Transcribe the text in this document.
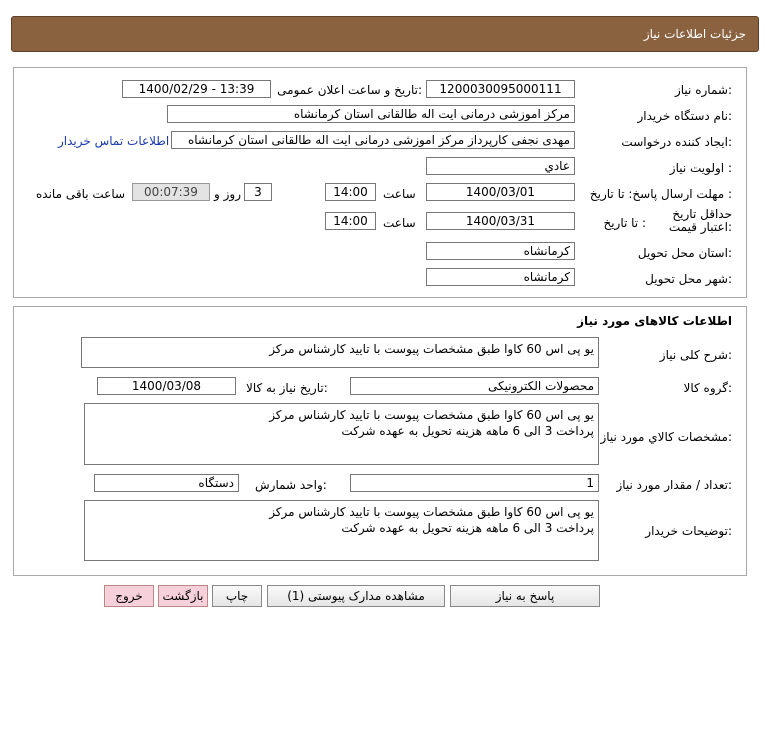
جزئیات اطلاعات نیاز
شماره نیاز:
1200030095000111
تاریخ و ساعت اعلان عمومی:
1400/02/29 - 13:39
نام دستگاه خریدار:
مرکز اموزشی درمانی ایت اله طالقانی استان کرمانشاه
ایجاد کننده درخواست:
مهدی نجفی کارپرداز مرکز اموزشی درمانی ایت اله طالقانی استان کرمانشاه
اطلاعات تماس خریدار
اولویت نیاز :
عادي
مهلت ارسال پاسخ: تا تاریخ :
1400/03/01
ساعت
14:00
3
روز و
00:07:39
ساعت باقی مانده
حداقل تاریخ اعتبار قیمت:
تا تاریخ :
1400/03/31
ساعت
14:00
استان محل تحویل:
کرمانشاه
شهر محل تحویل:
کرمانشاه
اطلاعات کالاهای مورد نیاز
شرح کلی نیاز:
یو پی اس 60 کاوا طبق مشخصات پیوست با تایید کارشناس مرکز
گروه کالا:
محصولات الکترونیکی
تاریخ نیاز به کالا:
1400/03/08
مشخصات کالاي مورد نياز:
یو پی اس 60 کاوا طبق مشخصات پیوست با تایید کارشناس مرکز
پرداخت 3 الی 6 ماهه هزینه تحویل به عهده شرکت
تعداد / مقدار مورد نیاز:
1
واحد شمارش:
دستگاه
توضیحات خریدار:
یو پی اس 60 کاوا طبق مشخصات پیوست با تایید کارشناس مرکز
پرداخت 3 الی 6 ماهه هزینه تحویل به عهده شرکت
پاسخ به نیاز
مشاهده مدارک پیوستی (1)
چاپ
بازگشت
خروج
